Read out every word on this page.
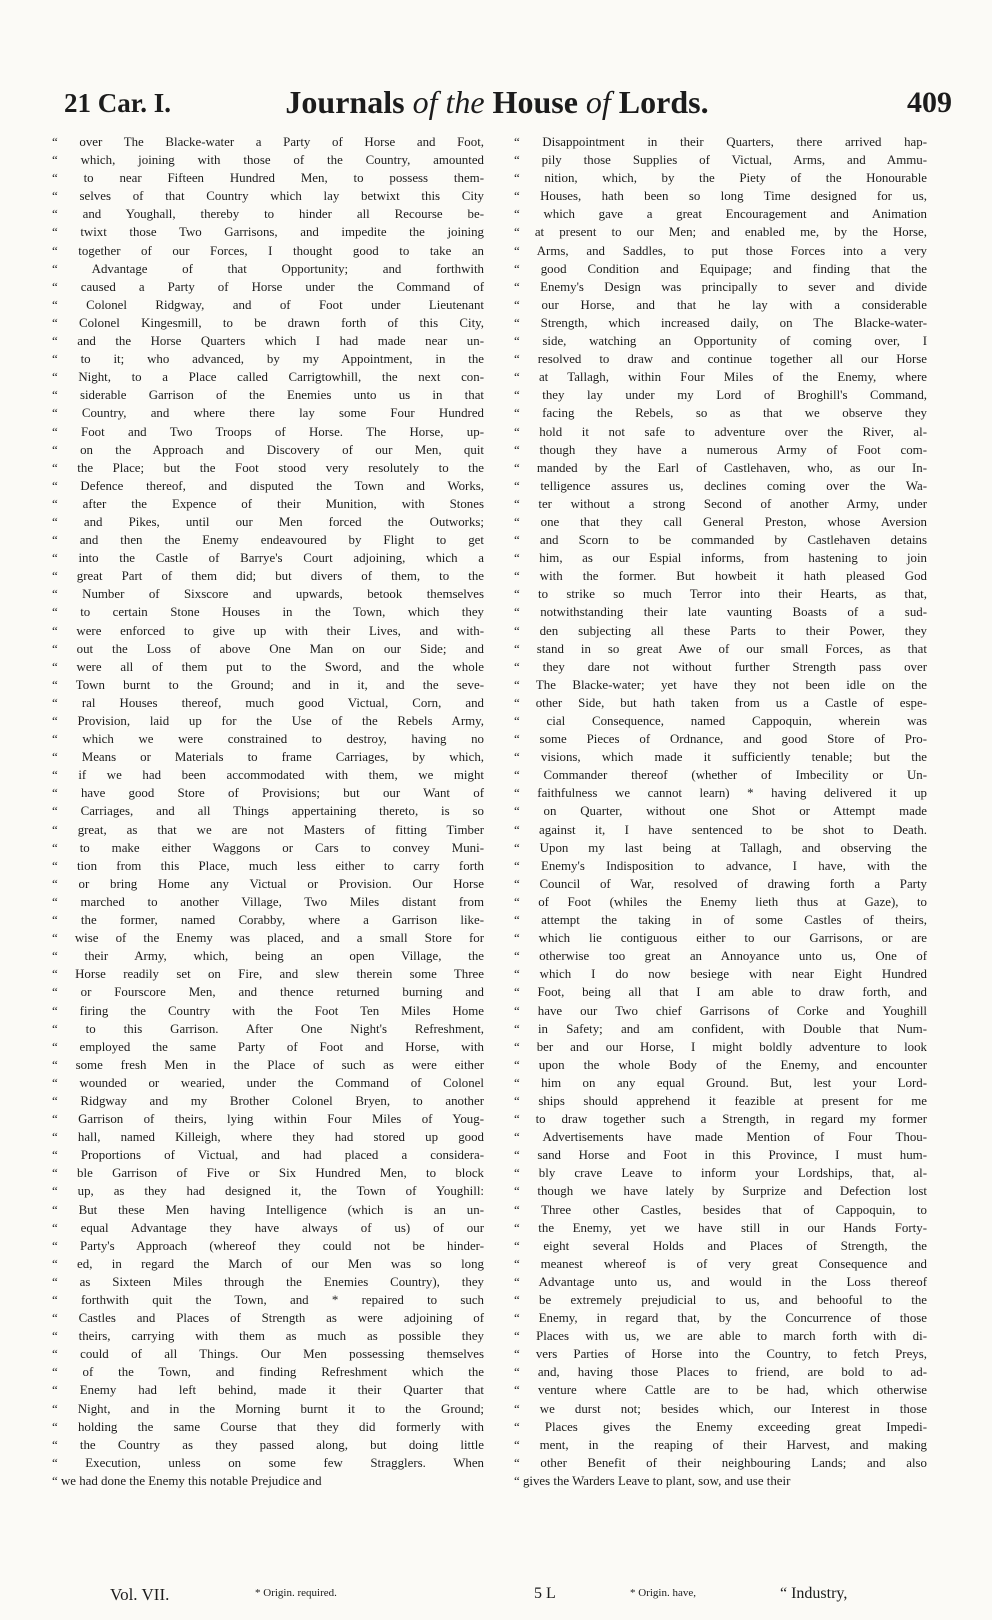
21 Car. I.	Journals of the House of Lords.	409
“ over The Blacke-water a Party of Horse and Foot,
“ which, joining with those of the Country, amounted
“ to near Fifteen Hundred Men, to possess them-
“ selves of that Country which lay betwixt this City
“ and Youghall, thereby to hinder all Recourse be-
“ twixt those Two Garrisons, and impedite the joining
“ together of our Forces, I thought good to take an
“ Advantage of that Opportunity; and forthwith
“ caused a Party of Horse under the Command of
“ Colonel Ridgway, and of Foot under Lieutenant
“ Colonel Kingesmill, to be drawn forth of this City,
“ and the Horse Quarters which I had made near un-
“ to it; who advanced, by my Appointment, in the
“ Night, to a Place called Carrigtowhill, the next con-
“ siderable Garrison of the Enemies unto us in that
“ Country, and where there lay some Four Hundred
“ Foot and Two Troops of Horse. The Horse, up-
“ on the Approach and Discovery of our Men, quit
“ the Place; but the Foot stood very resolutely to the
“ Defence thereof, and disputed the Town and Works,
“ after the Expence of their Munition, with Stones
“ and Pikes, until our Men forced the Outworks;
“ and then the Enemy endeavoured by Flight to get
“ into the Castle of Barrye's Court adjoining, which a
“ great Part of them did; but divers of them, to the
“ Number of Sixscore and upwards, betook themselves
“ to certain Stone Houses in the Town, which they
“ were enforced to give up with their Lives, and with-
“ out the Loss of above One Man on our Side; and
“ were all of them put to the Sword, and the whole
“ Town burnt to the Ground; and in it, and the seve-
“ ral Houses thereof, much good Victual, Corn, and
“ Provision, laid up for the Use of the Rebels Army,
“ which we were constrained to destroy, having no
“ Means or Materials to frame Carriages, by which,
“ if we had been accommodated with them, we might
“ have good Store of Provisions; but our Want of
“ Carriages, and all Things appertaining thereto, is so
“ great, as that we are not Masters of fitting Timber
“ to make either Waggons or Cars to convey Muni-
“ tion from this Place, much less either to carry forth
“ or bring Home any Victual or Provision. Our Horse
“ marched to another Village, Two Miles distant from
“ the former, named Corabby, where a Garrison like-
“ wise of the Enemy was placed, and a small Store for
“ their Army, which, being an open Village, the
“ Horse readily set on Fire, and slew therein some Three
“ or Fourscore Men, and thence returned burning and
“ firing the Country with the Foot Ten Miles Home
“ to this Garrison. After One Night's Refreshment,
“ employed the same Party of Foot and Horse, with
“ some fresh Men in the Place of such as were either
“ wounded or wearied, under the Command of Colonel
“ Ridgway and my Brother Colonel Bryen, to another
“ Garrison of theirs, lying within Four Miles of Youg-
“ hall, named Killeigh, where they had stored up good
“ Proportions of Victual, and had placed a considera-
“ ble Garrison of Five or Six Hundred Men, to block
“ up, as they had designed it, the Town of Youghill:
“ But these Men having Intelligence (which is an un-
“ equal Advantage they have always of us) of our
“ Party's Approach (whereof they could not be hinder-
“ ed, in regard the March of our Men was so long
“ as Sixteen Miles through the Enemies Country), they
“ forthwith quit the Town, and * repaired to such
“ Castles and Places of Strength as were adjoining of
“ theirs, carrying with them as much as possible they
“ could of all Things. Our Men possessing themselves
“ of the Town, and finding Refreshment which the
“ Enemy had left behind, made it their Quarter that
“ Night, and in the Morning burnt it to the Ground;
“ holding the same Course that they did formerly with
“ the Country as they passed along, but doing little
“ Execution, unless on some few Stragglers. When
“ we had done the Enemy this notable Prejudice and
“ Disappointment in their Quarters, there arrived hap-
“ pily those Supplies of Victual, Arms, and Ammu-
“ nition, which, by the Piety of the Honourable
“ Houses, hath been so long Time designed for us,
“ which gave a great Encouragement and Animation
“ at present to our Men; and enabled me, by the Horse,
“ Arms, and Saddles, to put those Forces into a very
“ good Condition and Equipage; and finding that the
“ Enemy's Design was principally to sever and divide
“ our Horse, and that he lay with a considerable
“ Strength, which increased daily, on The Blacke-water-
“ side, watching an Opportunity of coming over, I
“ resolved to draw and continue together all our Horse
“ at Tallagh, within Four Miles of the Enemy, where
“ they lay under my Lord of Broghill's Command,
“ facing the Rebels, so as that we observe they
“ hold it not safe to adventure over the River, al-
“ though they have a numerous Army of Foot com-
“ manded by the Earl of Castlehaven, who, as our In-
“ telligence assures us, declines coming over the Wa-
“ ter without a strong Second of another Army, under
“ one that they call General Preston, whose Aversion
“ and Scorn to be commanded by Castlehaven detains
“ him, as our Espial informs, from hastening to join
“ with the former. But howbeit it hath pleased God
“ to strike so much Terror into their Hearts, as that,
“ notwithstanding their late vaunting Boasts of a sud-
“ den subjecting all these Parts to their Power, they
“ stand in so great Awe of our small Forces, as that
“ they dare not without further Strength pass over
“ The Blacke-water; yet have they not been idle on the
“ other Side, but hath taken from us a Castle of espe-
“ cial Consequence, named Cappoquin, wherein was
“ some Pieces of Ordnance, and good Store of Pro-
“ visions, which made it sufficiently tenable; but the
“ Commander thereof (whether of Imbecility or Un-
“ faithfulness we cannot learn) * having delivered it up
“ on Quarter, without one Shot or Attempt made
“ against it, I have sentenced to be shot to Death.
“ Upon my last being at Tallagh, and observing the
“ Enemy's Indisposition to advance, I have, with the
“ Council of War, resolved of drawing forth a Party
“ of Foot (whiles the Enemy lieth thus at Gaze), to
“ attempt the taking in of some Castles of theirs,
“ which lie contiguous either to our Garrisons, or are
“ otherwise too great an Annoyance unto us, One of
“ which I do now besiege with near Eight Hundred
“ Foot, being all that I am able to draw forth, and
“ have our Two chief Garrisons of Corke and Youghill
“ in Safety; and am confident, with Double that Num-
“ ber and our Horse, I might boldly adventure to look
“ upon the whole Body of the Enemy, and encounter
“ him on any equal Ground. But, lest your Lord-
“ ships should apprehend it feazible at present for me
“ to draw together such a Strength, in regard my former
“ Advertisements have made Mention of Four Thou-
“ sand Horse and Foot in this Province, I must hum-
“ bly crave Leave to inform your Lordships, that, al-
“ though we have lately by Surprize and Defection lost
“ Three other Castles, besides that of Cappoquin, to
“ the Enemy, yet we have still in our Hands Forty-
“ eight several Holds and Places of Strength, the
“ meanest whereof is of very great Consequence and
“ Advantage unto us, and would in the Loss thereof
“ be extremely prejudicial to us, and behooful to the
“ Enemy, in regard that, by the Concurrence of those
“ Places with us, we are able to march forth with di-
“ vers Parties of Horse into the Country, to fetch Preys,
“ and, having those Places to friend, are bold to ad-
“ venture where Cattle are to be had, which otherwise
“ we durst not; besides which, our Interest in those
“ Places gives the Enemy exceeding great Impedi-
“ ment, in the reaping of their Harvest, and making
“ other Benefit of their neighbouring Lands; and also
“ gives the Warders Leave to plant, sow, and use their
Vol. VII.	* Origin. required.	5 L	* Origin. have,	“ Industry,
